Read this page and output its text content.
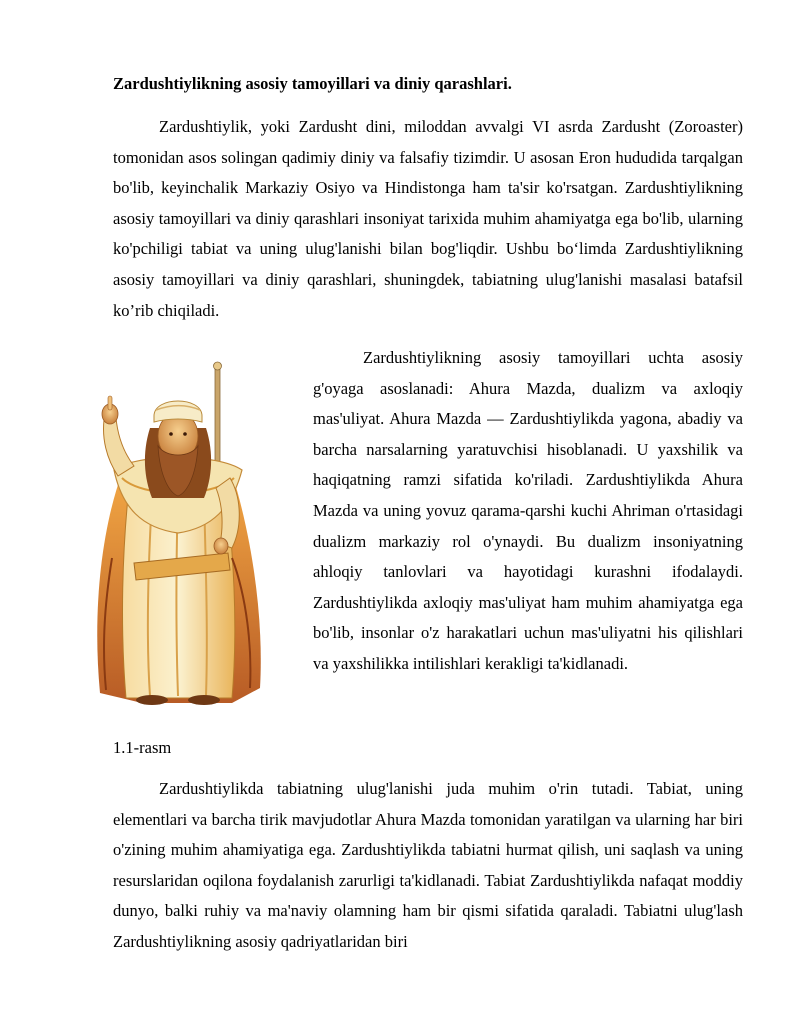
Zardushtiylikning asosiy tamoyillari va diniy qarashlari.

Zardushtiylik, yoki Zardusht dini, miloddan avvalgi VI asrda Zardusht (Zoroaster) tomonidan asos solingan qadimiy diniy va falsafiy tizimdir. U asosan Eron hududida tarqalgan bo'lib, keyinchalik Markaziy Osiyo va Hindistonga ham ta'sir ko'rsatgan. Zardushtiylikning asosiy tamoyillari va diniy qarashlari insoniyat tarixida muhim ahamiyatga ega bo'lib, ularning ko'pchiligi tabiat va uning ulug'lanishi bilan bog'liqdir. Ushbu bo‘limda Zardushtiylikning asosiy tamoyillari va diniy qarashlari, shuningdek, tabiatning ulug'lanishi masalasi batafsil ko’rib chiqiladi.

Zardushtiylikning asosiy tamoyillari uchta asosiy g'oyaga asoslanadi: Ahura Mazda, dualizm va axloqiy mas'uliyat. Ahura Mazda — Zardushtiylikda yagona, abadiy va barcha narsalarning yaratuvchisi hisoblanadi. U yaxshilik va haqiqatning ramzi sifatida ko'riladi. Zardushtiylikda Ahura Mazda va uning yovuz qarama-qarshi kuchi Ahriman o'rtasidagi dualizm markaziy rol o'ynaydi. Bu dualizm insoniyatning ahloqiy tanlovlari va hayotidagi kurashni ifodalaydi. Zardushtiylikda axloqiy mas'uliyat ham muhim ahamiyatga ega bo'lib, insonlar o'z harakatlari uchun mas'uliyatni his qilishlari va yaxshilikka intilishlari kerakligi ta'kidlanadi.

1.1-rasm

Zardushtiylikda tabiatning ulug'lanishi juda muhim o'rin tutadi. Tabiat, uning elementlari va barcha tirik mavjudotlar Ahura Mazda tomonidan yaratilgan va ularning har biri o'zining muhim ahamiyatiga ega. Zardushtiylikda tabiatni hurmat qilish, uni saqlash va uning resurslaridan oqilona foydalanish zarurligi ta'kidlanadi. Tabiat Zardushtiylikda nafaqat moddiy dunyo, balki ruhiy va ma'naviy olamning ham bir qismi sifatida qaraladi. Tabiatni ulug'lash Zardushtiylikning asosiy qadriyatlaridan biri
